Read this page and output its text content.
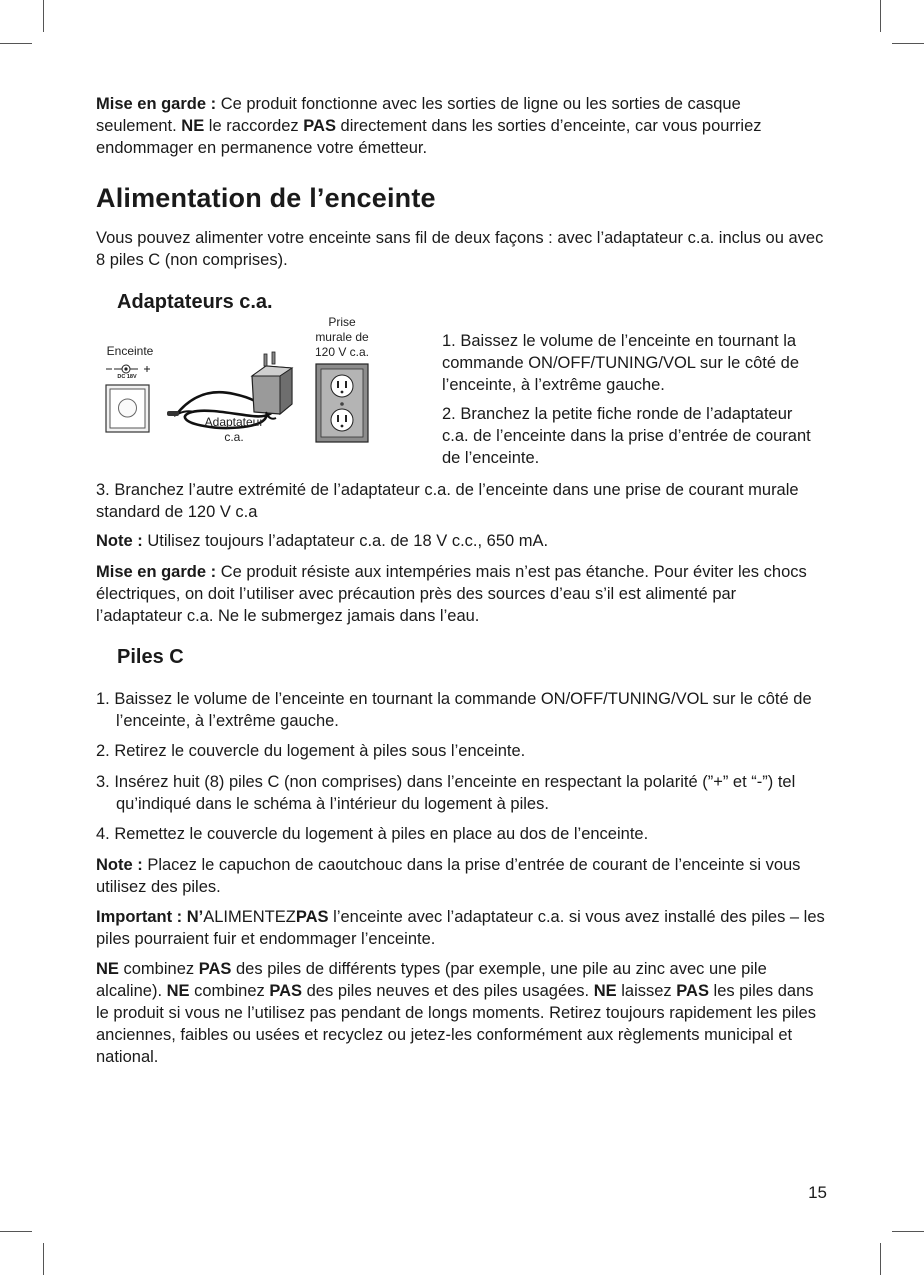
Mise en garde : Ce produit fonctionne avec les sorties de ligne ou les sorties de casque seulement. NE le raccordez PAS directement dans les sorties d’enceinte, car vous pourriez endommager en permanence votre émetteur.

Alimentation de l’enceinte

Vous pouvez alimenter votre enceinte sans fil de deux façons : avec l’adaptateur c.a. inclus ou avec 8 piles C (non comprises).

Adaptateurs c.a.
Enceinte
DC 18V
Adaptateur
c.a.
Prise
murale de
120 V c.a.

1. Baissez le volume de l’enceinte en tournant la commande ON/OFF/TUNING/VOL sur le côté de l’enceinte, à l’extrême gauche.

2. Branchez la petite fiche ronde de l’adaptateur c.a. de l’enceinte dans la prise d’entrée de courant de l’enceinte.

3. Branchez l’autre extrémité de l’adaptateur c.a. de l’enceinte dans une prise de courant murale standard de 120 V c.a

Note : Utilisez toujours l’adaptateur c.a. de 18 V c.c., 650 mA.

Mise en garde : Ce produit résiste aux intempéries mais n’est pas étanche. Pour éviter les chocs électriques, on doit l’utiliser avec précaution près des sources d’eau s’il est alimenté par l’adaptateur c.a. Ne le submergez jamais dans l’eau.

Piles C

1. Baissez le volume de l’enceinte en tournant la commande ON/OFF/TUNING/VOL sur le côté de l’enceinte, à l’extrême gauche.

2. Retirez le couvercle du logement à piles sous l’enceinte.

3. Insérez huit (8) piles C (non comprises) dans l’enceinte en respectant la polarité (”+” et “-”) tel qu’indiqué dans le schéma à l’intérieur du logement à piles.

4. Remettez le couvercle du logement à piles en place au dos de l’enceinte.

Note : Placez le capuchon de caoutchouc dans la prise d’entrée de courant de l’enceinte si vous utilisez des piles.

Important : N’ALIMENTEZPAS l’enceinte avec l’adaptateur c.a. si vous avez installé des piles – les piles pourraient fuir et endommager l’enceinte.

NE combinez PAS des piles de différents types (par exemple, une pile au zinc avec une pile alcaline). NE combinez PAS des piles neuves et des piles usagées. NE laissez PAS les piles dans le produit si vous ne l’utilisez pas pendant de longs moments. Retirez toujours rapidement les piles anciennes, faibles ou usées et recyclez ou jetez-les conformément aux règlements municipal et national.

15
